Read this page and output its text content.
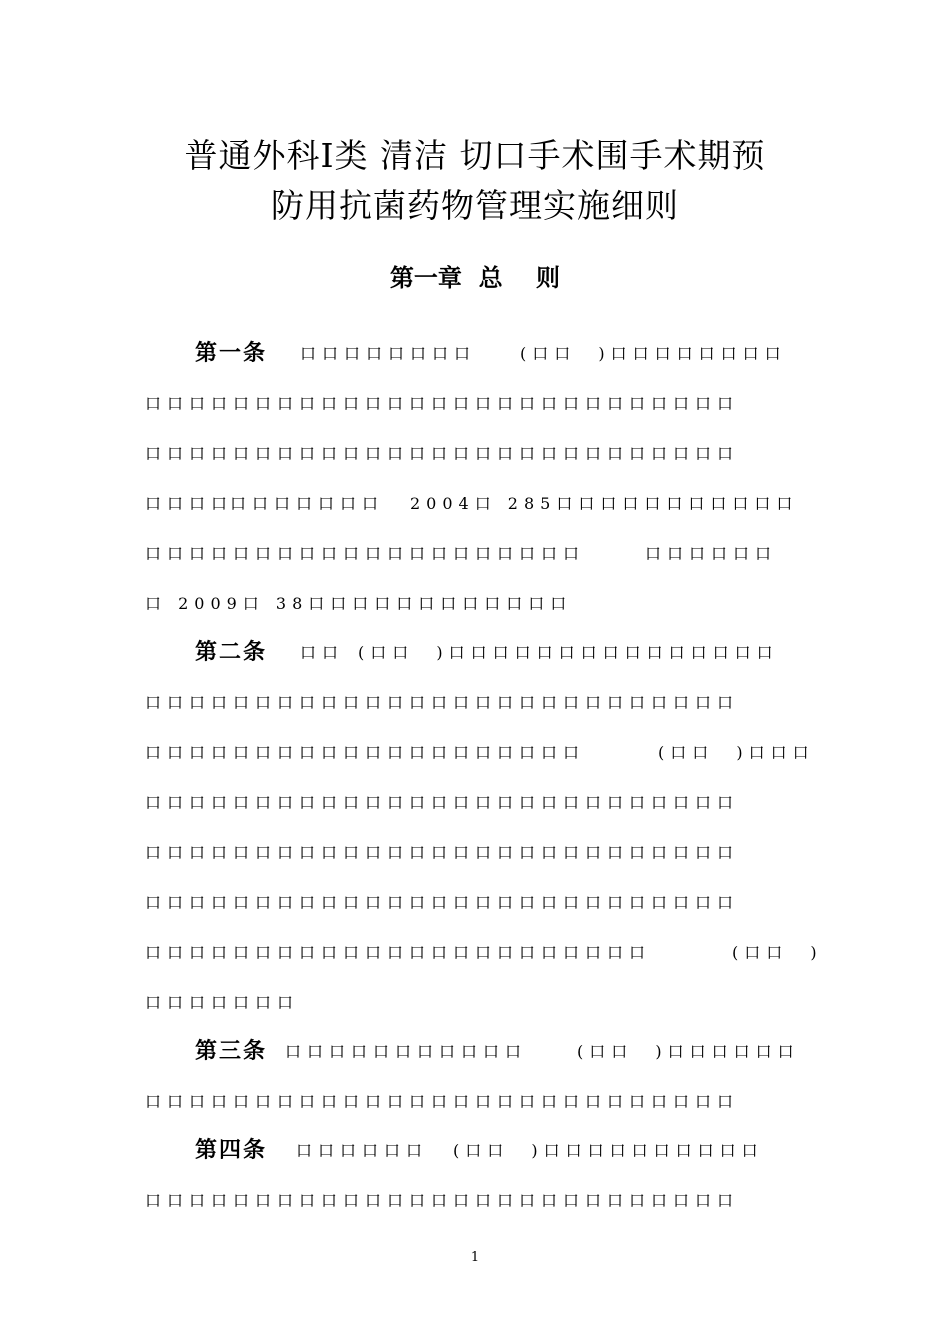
普通外科Ⅰ类 清洁 切口手术围手术期预
防用抗菌药物管理实施细则
第一章  总    则
第一条 口口口口口口口口	(口口  )口口口口口口口口
口口口口口口口口口口口口口口口口口口口口口口口口口口口
口口口口口口口口口口口口口口口口口口口口口口口口口口口
口口口口
口口口口口口口 2004口 285口口口口口口口口口口口
口口口口口口口口口口口口口口口口口口口口	口口口口口口
口 2009口 38口口口口口口口口口口口口
第二条 口口 (口口  )口口口口口口口口口口口口口口口
口口口口口口口口口口口口口口口口口口口口口口口口口口口
口口口口口口口口口口口口口口口口口口口口	(口口  )口口口
口口口口口口口口口口口口口口口口口口口口口口口口口口口
口口口口口口口口口口口口口口口口口口口口口口口口口口口
口口口口口口口口口口口口口口口口口口口口口口口口口口口
口口口口口口口口口口口口口口口口口口口口口口口	(口口  )
口口口口口口口
第三条 口口口口口口口口口口口	(口口  )口口口口口口
口口口口口口口口口口口口口口口口口口口口口口口口口口口
第四条 口口口口口口 (口口  )口口口口口口口口口口
口口口口口口口口口口口口口口口口口口口口口口口口口口口
1
